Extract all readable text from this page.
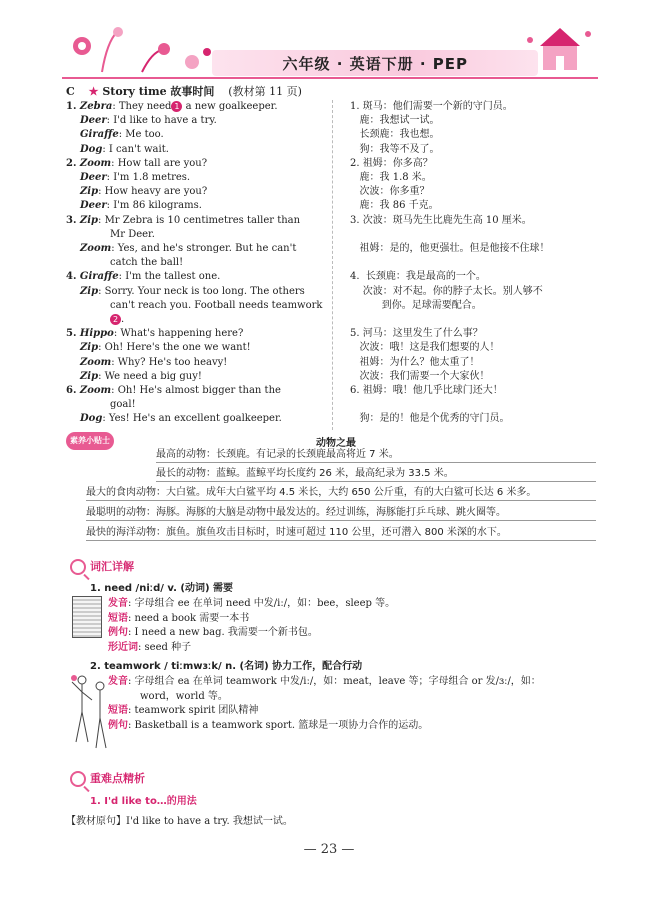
六年级 · 英语下册 · PEP
C ★ Story time 故事时间 (教材第 11 页)
1. Zebra: They need 1 a new goalkeeper.
Deer: I'd like to have a try.
Giraffe: Me too.
Dog: I can't wait.
2. Zoom: How tall are you?
Deer: I'm 1.8 metres.
Zip: How heavy are you?
Deer: I'm 86 kilograms.
3. Zip: Mr Zebra is 10 centimetres taller than
Mr Deer.
Zoom: Yes, and he's stronger. But he can't
catch the ball!
4. Giraffe: I'm the tallest one.
Zip: Sorry. Your neck is too long. The others
can't reach you. Football needs teamwork
2 .
5. Hippo: What's happening here?
Zip: Oh! Here's the one we want!
Zoom: Why? He's too heavy!
Zip: We need a big guy!
6. Zoom: Oh! He's almost bigger than the
goal!
Dog: Yes! He's an excellent goalkeeper.
1. 斑马：他们需要一个新的守门员。
鹿：我想试一试。
长颈鹿：我也想。
狗：我等不及了。
2. 祖姆：你多高？
鹿：我 1.8 米。
次波：你多重？
鹿：我 86 千克。
3. 次波：斑马先生比鹿先生高 10 厘米。

祖姆：是的，他更强壮。但是他接不住球！

4.  长颈鹿：我是最高的一个。
次波：对不起。你的脖子太长。别人够不
到你。足球需要配合。

5. 河马：这里发生了什么事？
次波：哦！这是我们想要的人！
祖姆：为什么？他太重了！
次波：我们需要一个大家伙！
6. 祖姆：哦！他几乎比球门还大！

狗：是的！他是个优秀的守门员。
素养小贴士	动物之最
最高的动物：长颈鹿。有记录的长颈鹿最高将近 7 米。
最长的动物：蓝鲸。蓝鲸平均长度约 26 米，最高纪录为 33.5 米。
最大的食肉动物：大白鲨。成年大白鲨平均 4.5 米长，大约 650 公斤重，有的大白鲨可长达 6 米多。
最聪明的动物：海豚。海豚的大脑是动物中最发达的。经过训练，海豚能打乒乓球、跳火圈等。
最快的海洋动物：旗鱼。旗鱼攻击目标时，时速可超过 110 公里，还可潜入 800 米深的水下。
词汇详解
1. need /niːd/ v. (动词) 需要
发音: 字母组合 ee 在单词 need 中发/iː/，如：bee，sleep 等。
短语: need a book 需要一本书
例句: I need a new bag. 我需要一个新书包。
形近词: seed 种子
2. teamwork / tiːmwɜːk/ n. (名词) 协力工作，配合行动
发音: 字母组合 ea 在单词 teamwork 中发/iː/，如：meat，leave 等；字母组合 or 发/ɜː/，如：
word，world 等。
短语: teamwork spirit 团队精神
例句: Basketball is a teamwork sport. 篮球是一项协力合作的运动。
重难点精析
1. I'd like to…的用法
【教材原句】I'd like to have a try. 我想试一试。
— 23 —
